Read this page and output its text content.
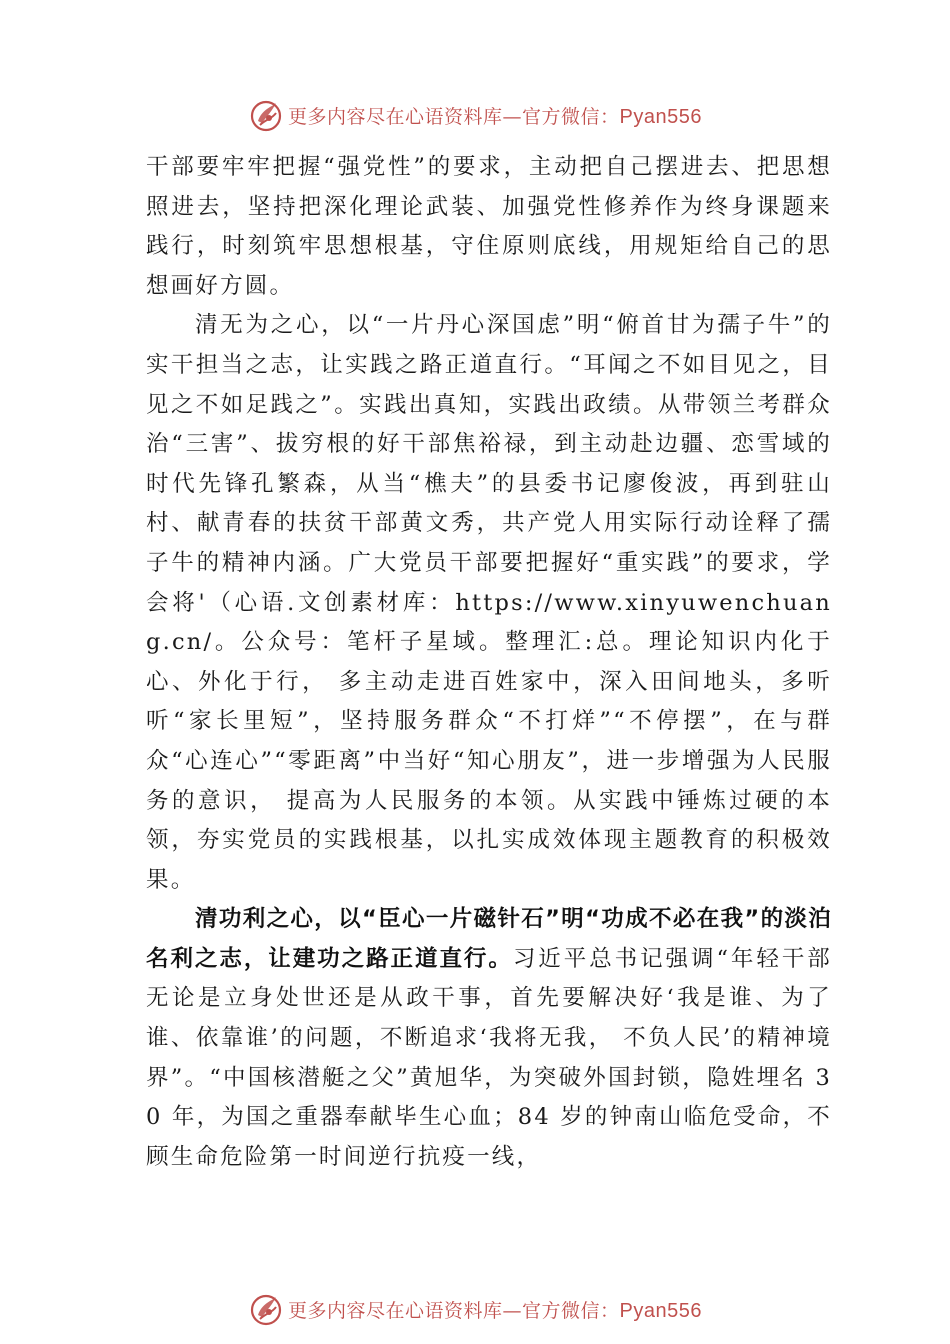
更多内容尽在心语资料库—官方微信：Pyan556

干部要牢牢把握“强党性”的要求，主动把自己摆进去、把思想照进去，坚持把深化理论武装、加强党性修养作为终身课题来践行，时刻筑牢思想根基，守住原则底线，用规矩给自己的思想画好方圆。

清无为之心，以“一片丹心深国虑”明“俯首甘为孺子牛”的实干担当之志，让实践之路正道直行。“耳闻之不如目见之，目见之不如足践之”。实践出真知，实践出政绩。从带领兰考群众治“三害”、拔穷根的好干部焦裕禄，到主动赴边疆、恋雪域的时代先锋孔繁森，从当“樵夫”的县委书记廖俊波，再到驻山村、献青春的扶贫干部黄文秀，共产党人用实际行动诠释了孺子牛的精神内涵。广大党员干部要把握好“重实践”的要求，学会将'（心语.文创素材库：https://www.xinyuwenchuang.cn/。公众号：笔杆子星域。整理汇:总。理论知识内化于心、外化于行， 多主动走进百姓家中，深入田间地头，多听听“家长里短”，坚持服务群众“不打烊”“不停摆”，在与群众“心连心”“零距离”中当好“知心朋友”，进一步增强为人民服务的意识， 提高为人民服务的本领。从实践中锤炼过硬的本领，夯实党员的实践根基，以扎实成效体现主题教育的积极效果。

清功利之心，以“臣心一片磁针石”明“功成不必在我”的淡泊名利之志，让建功之路正道直行。习近平总书记强调“年轻干部无论是立身处世还是从政干事，首先要解决好‘我是谁、为了谁、依靠谁’的问题，不断追求‘我将无我， 不负人民’的精神境界”。“中国核潜艇之父”黄旭华，为突破外国封锁，隐姓埋名 30 年，为国之重器奉献毕生心血；84 岁的钟南山临危受命，不顾生命危险第一时间逆行抗疫一线，

更多内容尽在心语资料库—官方微信：Pyan556
